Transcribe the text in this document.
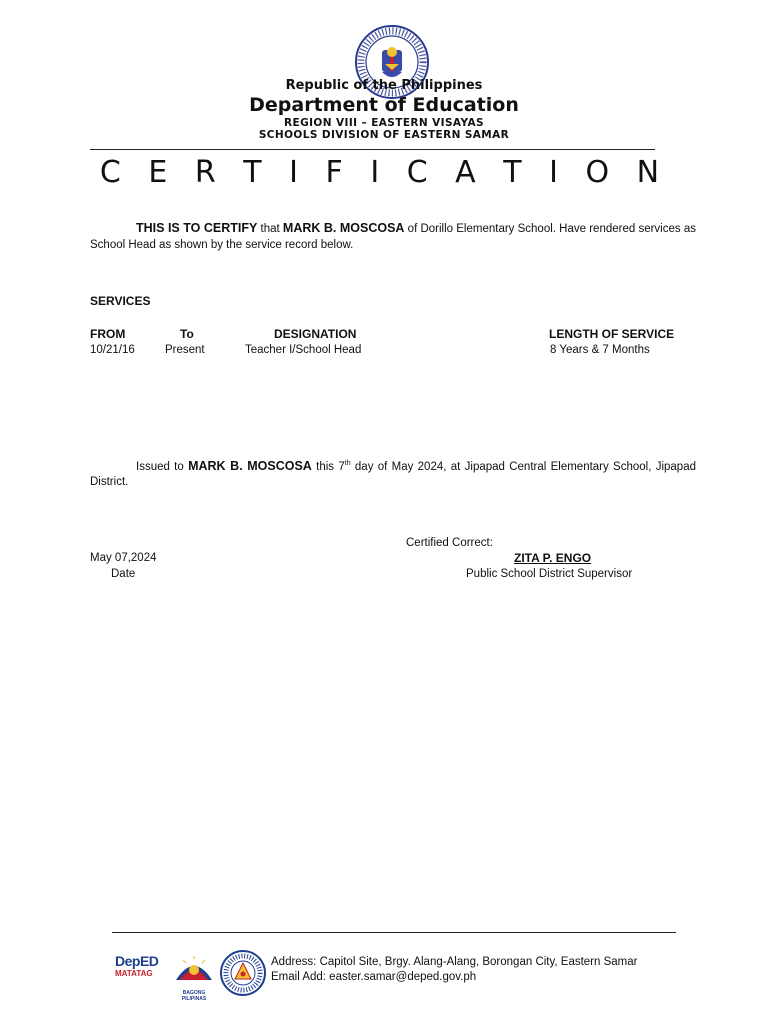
Republic of the Philippines
Department of Education
REGION VIII – EASTERN VISAYAS
SCHOOLS DIVISION OF EASTERN SAMAR
C E R T I F I C A T I O N
THIS IS TO CERTIFY that MARK B. MOSCOSA of Dorillo Elementary School. Have rendered services as School Head as shown by the service record below.
SERVICES
FROM	To	DESIGNATION	LENGTH OF SERVICE
10/21/16	Present	Teacher I/School Head	8 Years & 7 Months
Issued to MARK B. MOSCOSA this 7th day of May 2024, at Jipapad Central Elementary School, Jipapad District.
Certified Correct:
ZITA P. ENGO
Public School District Supervisor
May 07,2024
Date
DepED
MATATAG
BAGONG PILIPINAS
Address: Capitol Site, Brgy. Alang-Alang, Borongan City, Eastern Samar
Email Add: easter.samar@deped.gov.ph
